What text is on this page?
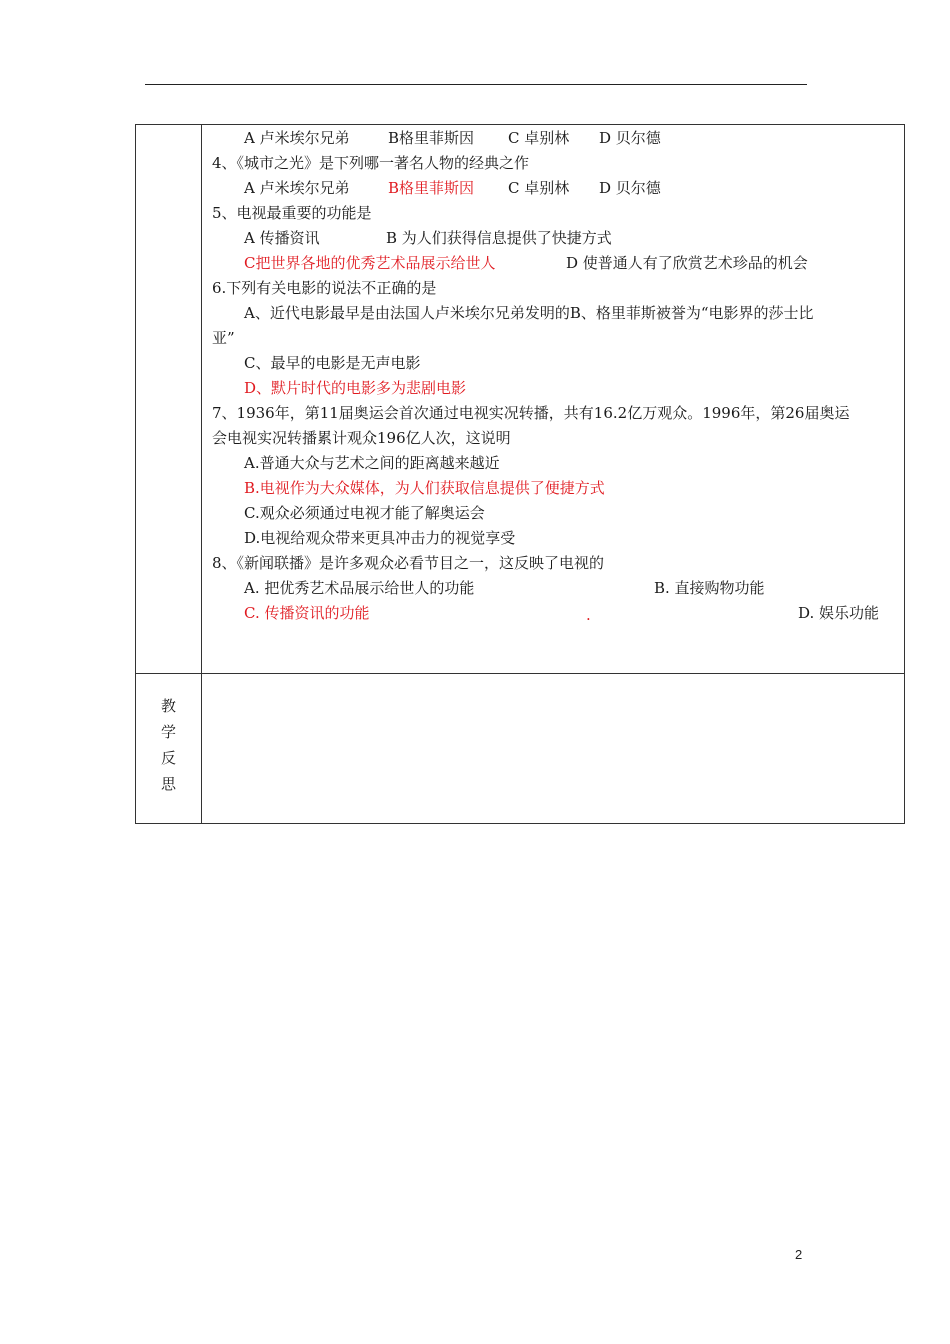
A 卢米埃尔兄弟	B格里菲斯因 C 卓别林 D 贝尔德
4、《城市之光》是下列哪一著名人物的经典之作
A 卢米埃尔兄弟	B格里菲斯因 C 卓别林 D 贝尔德
5、电视最重要的功能是
A 传播资讯	B 为人们获得信息提供了快捷方式
C把世界各地的优秀艺术品展示给世人	D 使普通人有了欣赏艺术珍品的机会
6.下列有关电影的说法不正确的是
A、近代电影最早是由法国人卢米埃尔兄弟发明的B、格里菲斯被誉为“电影界的莎士比
亚”
C、最早的电影是无声电影
D、默片时代的电影多为悲剧电影
7、1936年，第11届奥运会首次通过电视实况转播，共有16.2亿万观众。1996年，第26届奥运
会电视实况转播累计观众196亿人次，这说明
A.普通大众与艺术之间的距离越来越近
B.电视作为大众媒体，为人们获取信息提供了便捷方式
C.观众必须通过电视才能了解奥运会
D.电视给观众带来更具冲击力的视觉享受
8、《新闻联播》是许多观众必看节目之一，这反映了电视的
A. 把优秀艺术品展示给世人的功能	B. 直接购物功能
C. 传播资讯的功能	.	D. 娱乐功能
教
学
反
思
2
